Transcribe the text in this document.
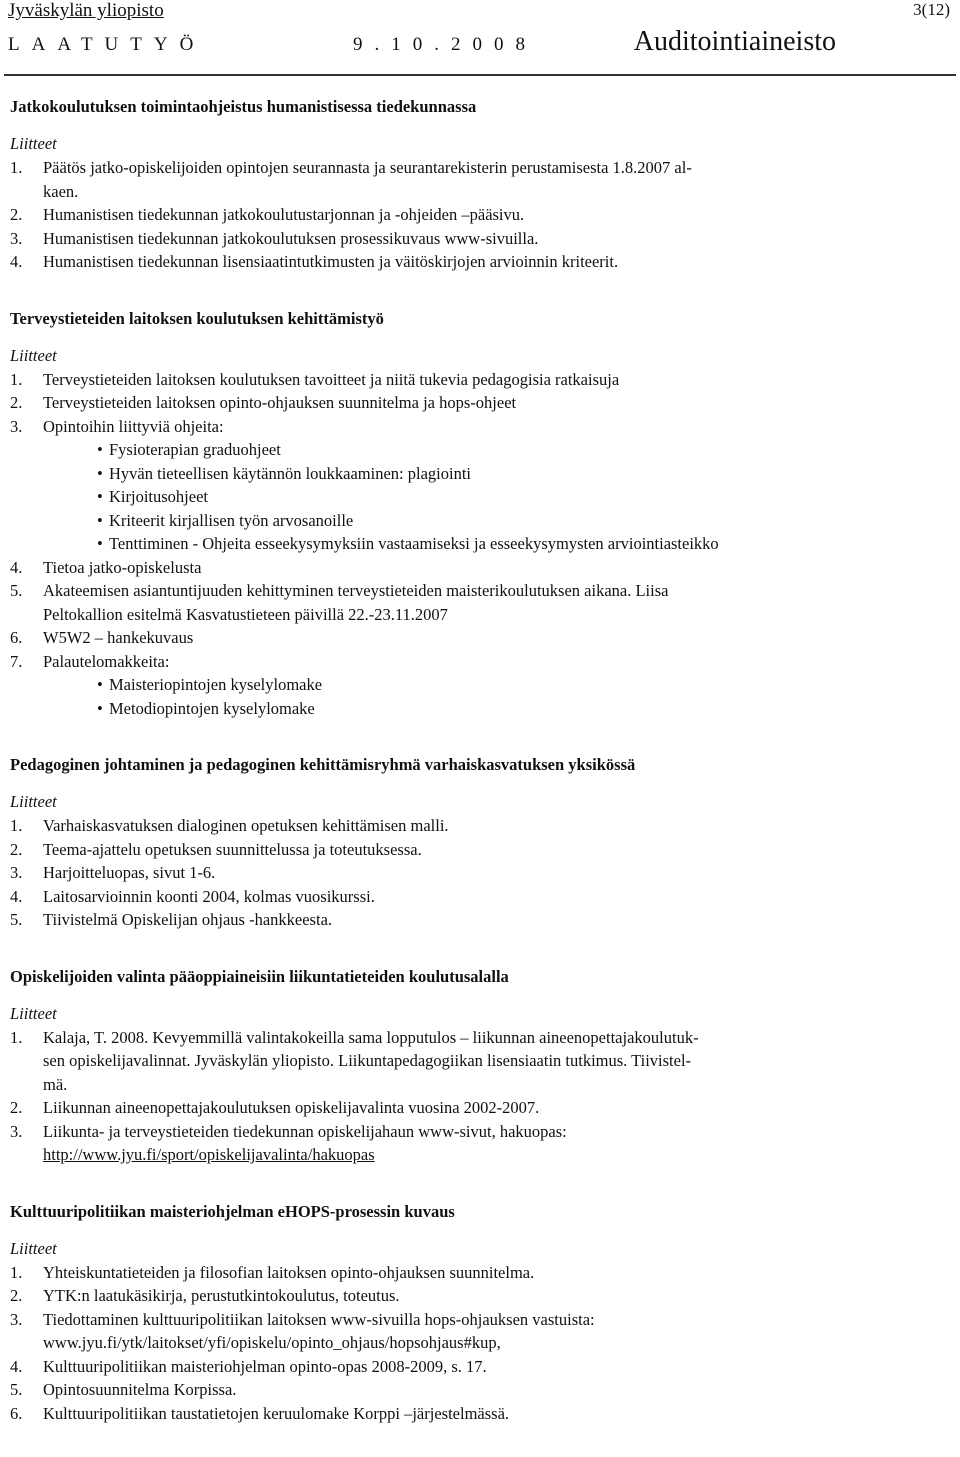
Jyväskylän yliopisto	3(12)
LAATUTYÖ	9.10.2008	Auditointiaineisto
Jatkokoulutuksen toimintaohjeistus humanistisessa tiedekunnassa
Liitteet
1. Päätös jatko-opiskelijoiden opintojen seurannasta ja seurantarekisterin perustamisesta 1.8.2007 al-
kaen.
2. Humanistisen tiedekunnan jatkokoulutustarjonnan ja -ohjeiden –pääsivu.
3. Humanistisen tiedekunnan jatkokoulutuksen prosessikuvaus www-sivuilla.
4. Humanistisen tiedekunnan lisensiaatintutkimusten ja väitöskirjojen arvioinnin kriteerit.
Terveystieteiden laitoksen koulutuksen kehittämistyö
Liitteet
1. Terveystieteiden laitoksen koulutuksen tavoitteet ja niitä tukevia pedagogisia ratkaisuja
2. Terveystieteiden laitoksen opinto-ohjauksen suunnitelma ja hops-ohjeet
3. Opintoihin liittyviä ohjeita:
• Fysioterapian graduohjeet
• Hyvän tieteellisen käytännön loukkaaminen: plagiointi
• Kirjoitusohjeet
• Kriteerit kirjallisen työn arvosanoille
• Tenttiminen - Ohjeita esseekysymyksiin vastaamiseksi ja esseekysymysten arviointiasteikko
4. Tietoa jatko-opiskelusta
5. Akateemisen asiantuntijuuden kehittyminen terveystieteiden maisterikoulutuksen aikana. Liisa
Peltokallion esitelmä Kasvatustieteen päivillä 22.-23.11.2007
6. W5W2 – hankekuvaus
7. Palautelomakkeita:
• Maisteriopintojen kyselylomake
• Metodiopintojen kyselylomake
Pedagoginen johtaminen ja pedagoginen kehittämisryhmä varhaiskasvatuksen yksikössä
Liitteet
1. Varhaiskasvatuksen dialoginen opetuksen kehittämisen malli.
2. Teema-ajattelu opetuksen suunnittelussa ja toteutuksessa.
3. Harjoitteluopas, sivut 1-6.
4. Laitosarvioinnin koonti 2004, kolmas vuosikurssi.
5. Tiivistelmä Opiskelijan ohjaus -hankkeesta.
Opiskelijoiden valinta pääoppiaineisiin liikuntatieteiden koulutusalalla
Liitteet
1. Kalaja, T. 2008. Kevyemmillä valintakokeilla sama lopputulos – liikunnan aineenopettajakoulutuk-
sen opiskelijavalinnat. Jyväskylän yliopisto. Liikuntapedagogiikan lisensiaatin tutkimus. Tiivistel-
mä.
2. Liikunnan aineenopettajakoulutuksen opiskelijavalinta vuosina 2002-2007.
3. Liikunta- ja terveystieteiden tiedekunnan opiskelijahaun www-sivut, hakuopas:
http://www.jyu.fi/sport/opiskelijavalinta/hakuopas
Kulttuuripolitiikan maisteriohjelman eHOPS-prosessin kuvaus
Liitteet
1. Yhteiskuntatieteiden ja filosofian laitoksen opinto-ohjauksen suunnitelma.
2. YTK:n laatukäsikirja, perustutkintokoulutus, toteutus.
3. Tiedottaminen kulttuuripolitiikan laitoksen www-sivuilla hops-ohjauksen vastuista:
www.jyu.fi/ytk/laitokset/yfi/opiskelu/opinto_ohjaus/hopsohjaus#kup,
4. Kulttuuripolitiikan maisteriohjelman opinto-opas 2008-2009, s. 17.
5. Opintosuunnitelma Korpissa.
6. Kulttuuripolitiikan taustatietojen keruulomake Korppi –järjestelmässä.
